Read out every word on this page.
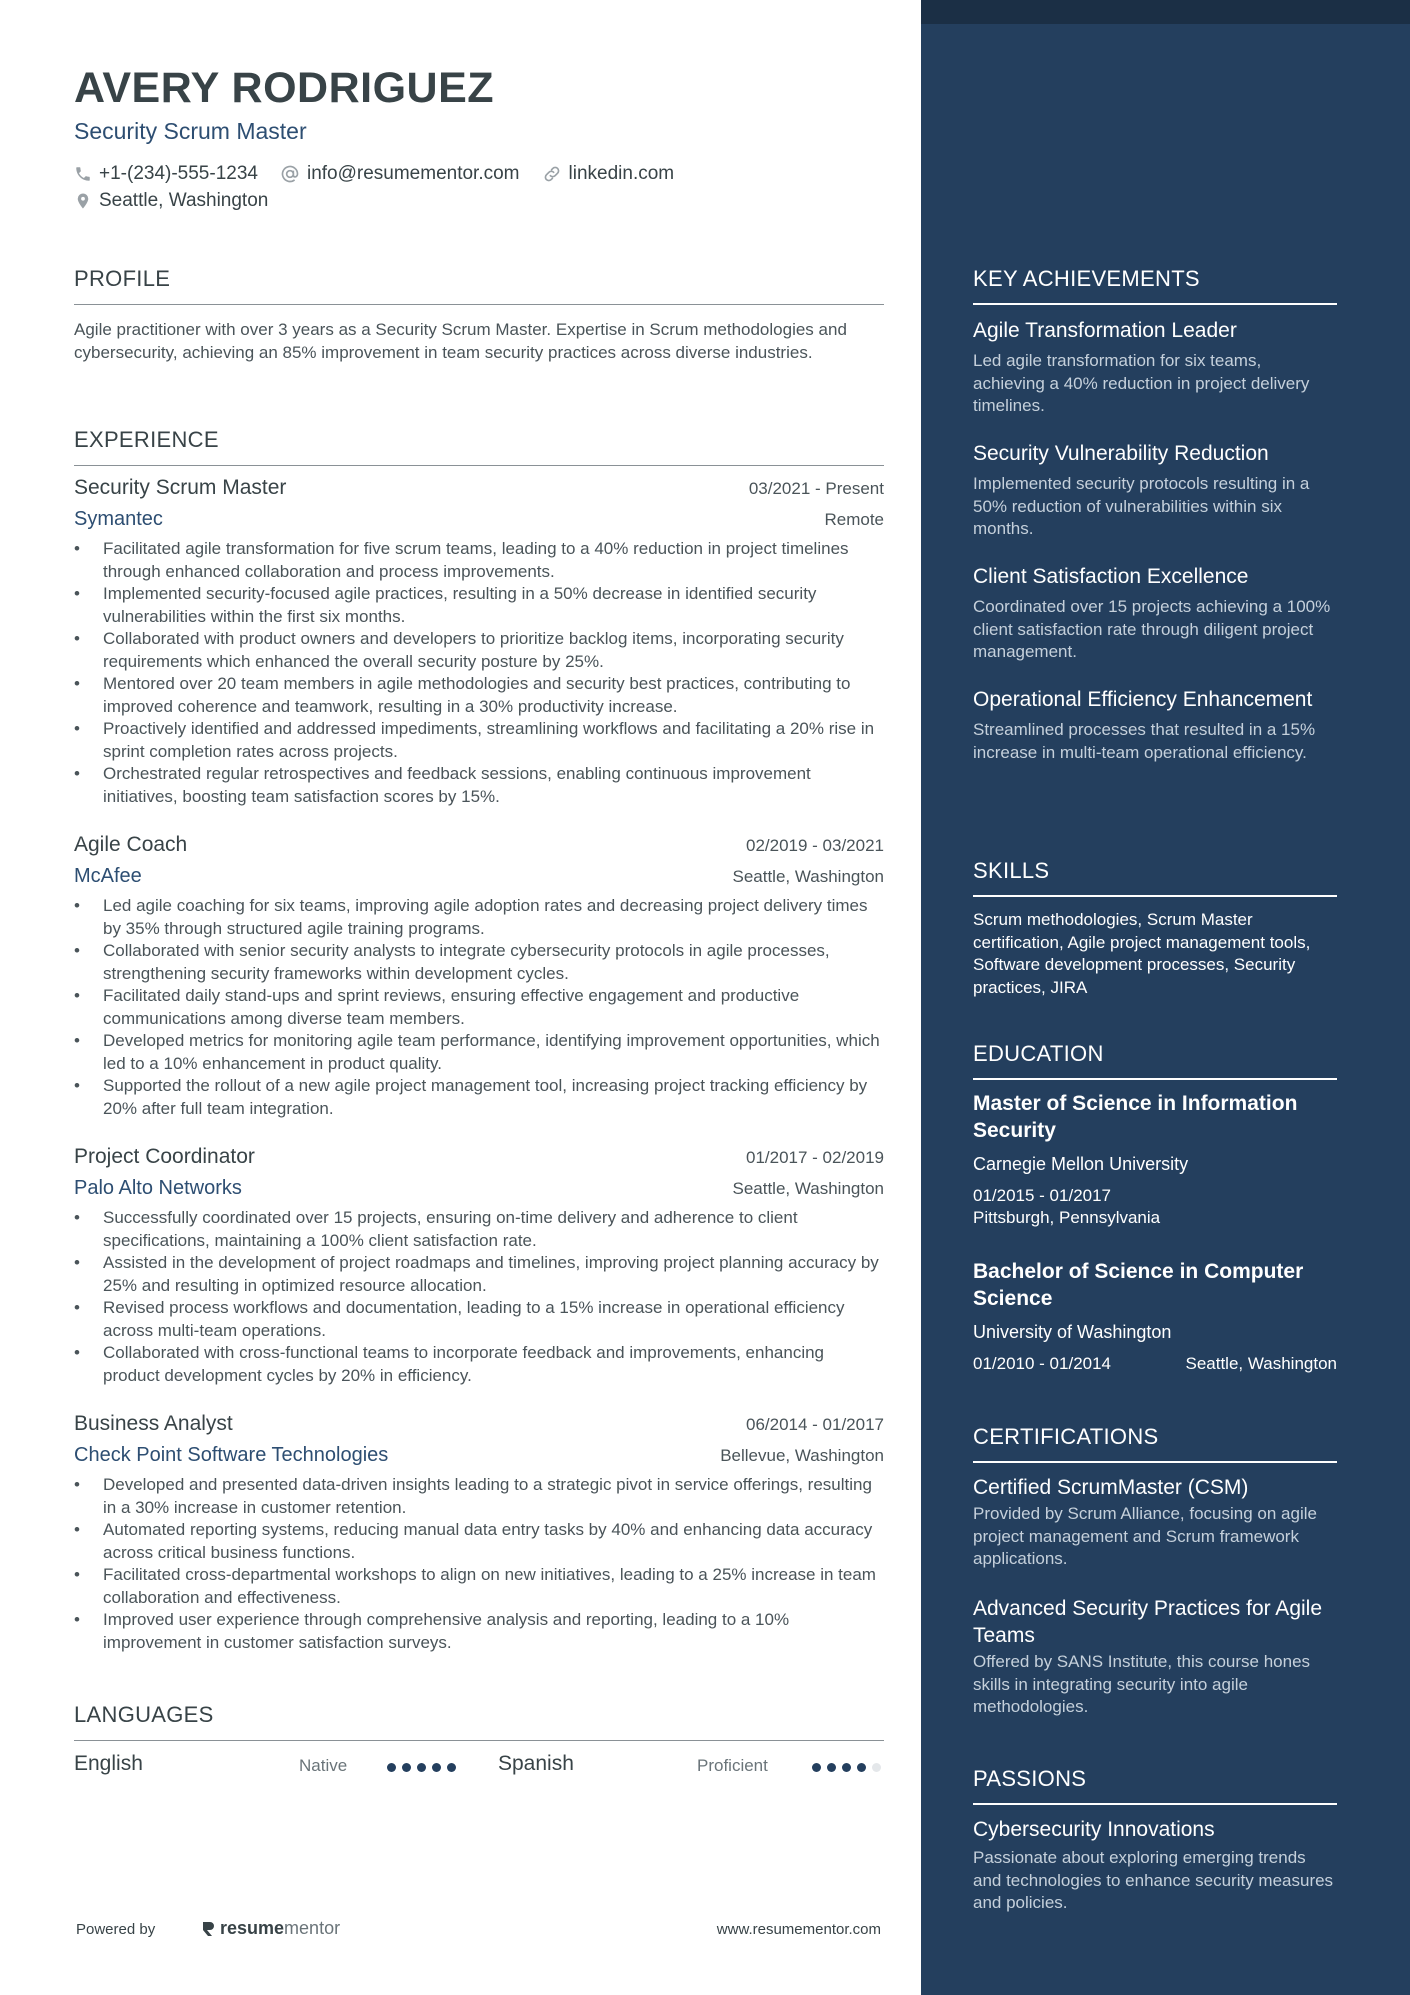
AVERY RODRIGUEZ
Security Scrum Master
+1-(234)-555-1234	info@resumementor.com	linkedin.com
Seattle, Washington
PROFILE
Agile practitioner with over 3 years as a Security Scrum Master. Expertise in Scrum methodologies and cybersecurity, achieving an 85% improvement in team security practices across diverse industries.
EXPERIENCE
Security Scrum Master	03/2021 - Present
Symantec	Remote
• Facilitated agile transformation for five scrum teams, leading to a 40% reduction in project timelines through enhanced collaboration and process improvements.
• Implemented security-focused agile practices, resulting in a 50% decrease in identified security vulnerabilities within the first six months.
• Collaborated with product owners and developers to prioritize backlog items, incorporating security requirements which enhanced the overall security posture by 25%.
• Mentored over 20 team members in agile methodologies and security best practices, contributing to improved coherence and teamwork, resulting in a 30% productivity increase.
• Proactively identified and addressed impediments, streamlining workflows and facilitating a 20% rise in sprint completion rates across projects.
• Orchestrated regular retrospectives and feedback sessions, enabling continuous improvement initiatives, boosting team satisfaction scores by 15%.
Agile Coach	02/2019 - 03/2021
McAfee	Seattle, Washington
• Led agile coaching for six teams, improving agile adoption rates and decreasing project delivery times by 35% through structured agile training programs.
• Collaborated with senior security analysts to integrate cybersecurity protocols in agile processes, strengthening security frameworks within development cycles.
• Facilitated daily stand-ups and sprint reviews, ensuring effective engagement and productive communications among diverse team members.
• Developed metrics for monitoring agile team performance, identifying improvement opportunities, which led to a 10% enhancement in product quality.
• Supported the rollout of a new agile project management tool, increasing project tracking efficiency by 20% after full team integration.
Project Coordinator	01/2017 - 02/2019
Palo Alto Networks	Seattle, Washington
• Successfully coordinated over 15 projects, ensuring on-time delivery and adherence to client specifications, maintaining a 100% client satisfaction rate.
• Assisted in the development of project roadmaps and timelines, improving project planning accuracy by 25% and resulting in optimized resource allocation.
• Revised process workflows and documentation, leading to a 15% increase in operational efficiency across multi-team operations.
• Collaborated with cross-functional teams to incorporate feedback and improvements, enhancing product development cycles by 20% in efficiency.
Business Analyst	06/2014 - 01/2017
Check Point Software Technologies	Bellevue, Washington
• Developed and presented data-driven insights leading to a strategic pivot in service offerings, resulting in a 30% increase in customer retention.
• Automated reporting systems, reducing manual data entry tasks by 40% and enhancing data accuracy across critical business functions.
• Facilitated cross-departmental workshops to align on new initiatives, leading to a 25% increase in team collaboration and effectiveness.
• Improved user experience through comprehensive analysis and reporting, leading to a 10% improvement in customer satisfaction surveys.
LANGUAGES
English	Native	Spanish	Proficient
Powered by	resume mentor	www.resumementor.com
KEY ACHIEVEMENTS
Agile Transformation Leader
Led agile transformation for six teams, achieving a 40% reduction in project delivery timelines.
Security Vulnerability Reduction
Implemented security protocols resulting in a 50% reduction of vulnerabilities within six months.
Client Satisfaction Excellence
Coordinated over 15 projects achieving a 100% client satisfaction rate through diligent project management.
Operational Efficiency Enhancement
Streamlined processes that resulted in a 15% increase in multi-team operational efficiency.
SKILLS
Scrum methodologies, Scrum Master certification, Agile project management tools, Software development processes, Security practices, JIRA
EDUCATION
Master of Science in Information Security
Carnegie Mellon University
01/2015 - 01/2017
Pittsburgh, Pennsylvania
Bachelor of Science in Computer Science
University of Washington
01/2010 - 01/2014	Seattle, Washington
CERTIFICATIONS
Certified ScrumMaster (CSM)
Provided by Scrum Alliance, focusing on agile project management and Scrum framework applications.
Advanced Security Practices for Agile Teams
Offered by SANS Institute, this course hones skills in integrating security into agile methodologies.
PASSIONS
Cybersecurity Innovations
Passionate about exploring emerging trends and technologies to enhance security measures and policies.
